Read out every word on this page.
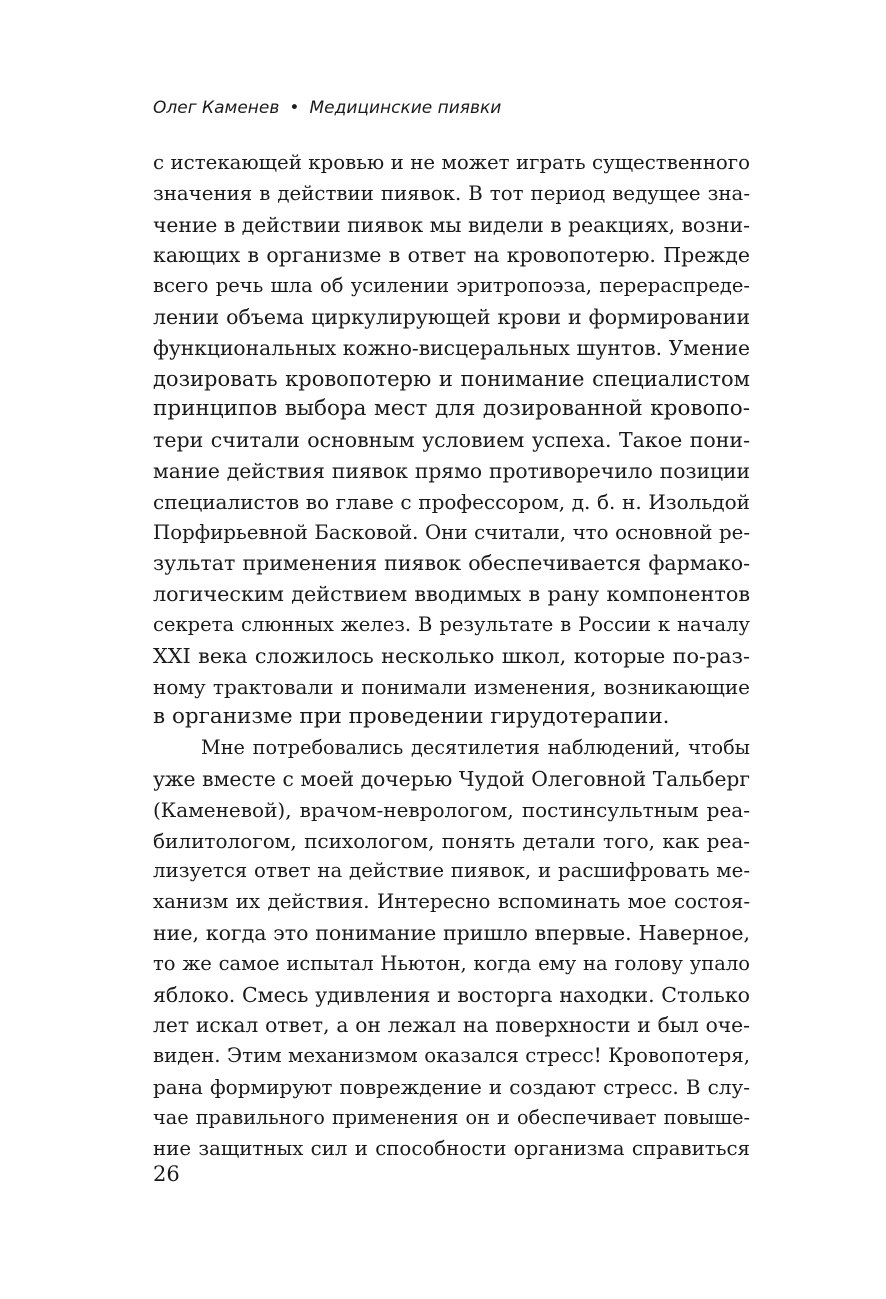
Олег Каменев • Медицинские пиявки
с истекающей кровью и не может играть существенного
значения в действии пиявок. В тот период ведущее зна-
чение в действии пиявок мы видели в реакциях, возни-
кающих в организме в ответ на кровопотерю. Прежде
всего речь шла об усилении эритропоэза, перераспреде-
лении объема циркулирующей крови и формировании
функциональных кожно-висцеральных шунтов. Умение
дозировать кровопотерю и понимание специалистом
принципов выбора мест для дозированной кровопо-
тери считали основным условием успеха. Такое пони-
мание действия пиявок прямо противоречило позиции
специалистов во главе с профессором, д. б. н. Изольдой
Порфирьевной Басковой. Они считали, что основной ре-
зультат применения пиявок обеспечивается фармако-
логическим действием вводимых в рану компонентов
секрета слюнных желез. В результате в России к началу
XXI века сложилось несколько школ, которые по-раз-
ному трактовали и понимали изменения, возникающие
в организме при проведении гирудотерапии.
Мне потребовались десятилетия наблюдений, чтобы
уже вместе с моей дочерью Чудой Олеговной Тальберг
(Каменевой), врачом-неврологом, постинсультным реа-
билитологом, психологом, понять детали того, как реа-
лизуется ответ на действие пиявок, и расшифровать ме-
ханизм их действия. Интересно вспоминать мое состоя-
ние, когда это понимание пришло впервые. Наверное,
то же самое испытал Ньютон, когда ему на голову упало
яблоко. Смесь удивления и восторга находки. Столько
лет искал ответ, а он лежал на поверхности и был оче-
виден. Этим механизмом оказался стресс! Кровопотеря,
рана формируют повреждение и создают стресс. В слу-
чае правильного применения он и обеспечивает повыше-
ние защитных сил и способности организма справиться
26
